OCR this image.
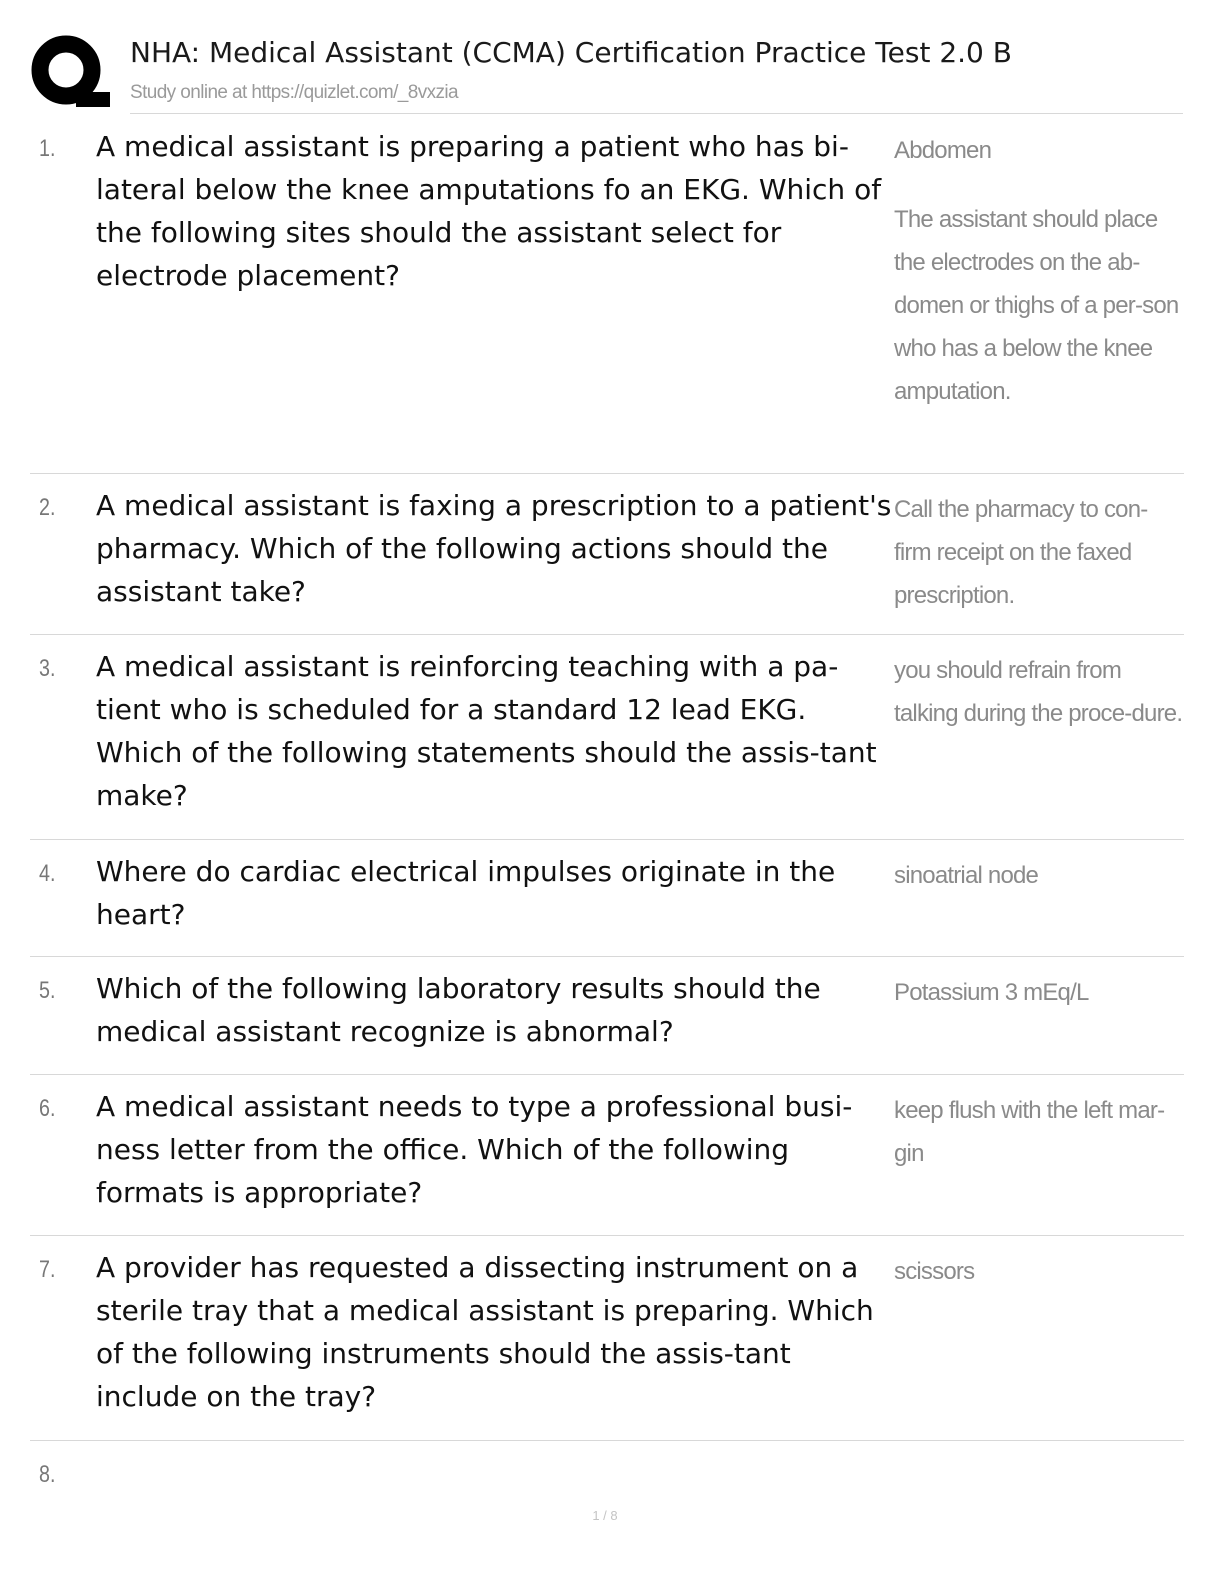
NHA: Medical Assistant (CCMA) Certification Practice Test 2.0 B
Study online at https://quizlet.com/_8vxzia
1. A medical assistant is preparing a patient who has bi-lateral below the knee amputations fo an EKG. Which of the following sites should the assistant select for electrode placement?
Abdomen
The assistant should place the electrodes on the ab-domen or thighs of a per-son who has a below the knee amputation.
2. A medical assistant is faxing a prescription to a patient's pharmacy. Which of the following actions should the assistant take?
Call the pharmacy to con-firm receipt on the faxed prescription.
3. A medical assistant is reinforcing teaching with a pa-tient who is scheduled for a standard 12 lead EKG. Which of the following statements should the assis-tant make?
you should refrain from talking during the proce-dure.
4. Where do cardiac electrical impulses originate in the heart?
sinoatrial node
5. Which of the following laboratory results should the medical assistant recognize is abnormal?
Potassium 3 mEq/L
6. A medical assistant needs to type a professional busi-ness letter from the office. Which of the following formats is appropriate?
keep flush with the left mar-gin
7. A provider has requested a dissecting instrument on a sterile tray that a medical assistant is preparing. Which of the following instruments should the assis-tant include on the tray?
scissors
8.
1 / 8
